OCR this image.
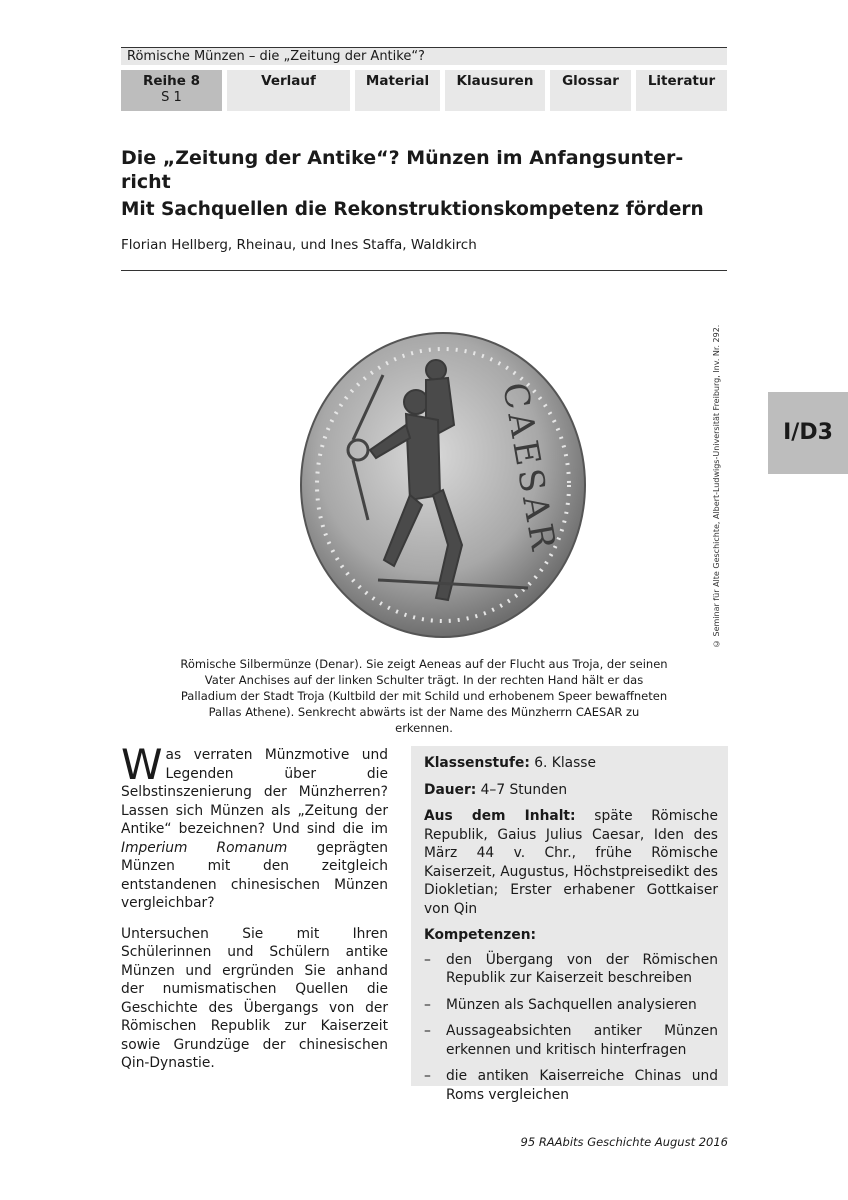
Römische Münzen – die „Zeitung der Antike“?
Reihe 8
S 1
Verlauf	Material	Klausuren	Glossar	Literatur
Die „Zeitung der Antike“? Münzen im Anfangsunter- richt
Mit Sachquellen die Rekonstruktionskompetenz fördern
Florian Hellberg, Rheinau, und Ines Staffa, Waldkirch
CAESAR	© Seminar für Alte Geschichte, Albert-Ludwigs-Universität Freiburg, Inv. Nr. 292.	I/D3
Römische Silbermünze (Denar). Sie zeigt Aeneas auf der Flucht aus Troja, der seinen Vater Anchises auf der linken Schulter trägt. In der rechten Hand hält er das Palladium der Stadt Troja (Kultbild der mit Schild und erhobenem Speer bewaffneten Pallas Athene). Senkrecht abwärts ist der Name des Münzherrn CAESAR zu erkennen.

Was verraten Münzmotive und Legenden über die Selbstinszenierung der Münzherren? Lassen sich Münzen als „Zeitung der Antike“ bezeichnen? Und sind die im Imperium Romanum geprägten Münzen mit den zeitgleich entstandenen chinesischen Münzen vergleichbar?

Untersuchen Sie mit Ihren Schülerinnen und Schülern antike Münzen und ergründen Sie anhand der numismatischen Quellen die Geschichte des Übergangs von der Römischen Republik zur Kaiserzeit sowie Grundzüge der chinesischen Qin-Dynastie.

Klassenstufe: 6. Klasse

Dauer: 4–7 Stunden

Aus dem Inhalt: späte Römische Republik, Gaius Julius Caesar, Iden des März 44 v. Chr., frühe Römische Kaiserzeit, Augustus, Höchstpreisedikt des Diokletian; Erster erhabener Gottkaiser von Qin

Kompetenzen:

– den Übergang von der Römischen Republik zur Kaiserzeit beschreiben
– Münzen als Sachquellen analysieren
– Aussageabsichten antiker Münzen erkennen und kritisch hinterfragen
– die antiken Kaiserreiche Chinas und Roms vergleichen
95 RAAbits Geschichte August 2016
